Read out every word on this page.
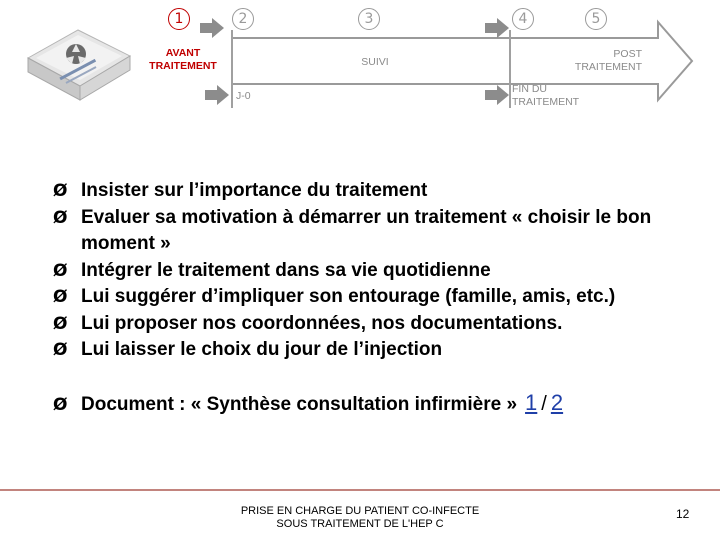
1	2	3	4	5
AVANT TRAITEMENT	SUIVI
POST TRAITEMENT
J-0
FIN DU TRAITEMENT
Ø Insister sur l’importance du traitement
Ø Evaluer sa motivation à démarrer un traitement « choisir le bon moment »
Ø Intégrer le traitement dans sa vie quotidienne
Ø Lui suggérer d’impliquer son entourage (famille, amis, etc.)
Ø Lui proposer nos coordonnées, nos documentations.
Ø Lui laisser le choix du jour de l’injection
Ø Document : « Synthèse consultation infirmière » 1 / 2
PRISE EN CHARGE DU PATIENT CO-INFECTE
SOUS TRAITEMENT DE L'HEP C
12
